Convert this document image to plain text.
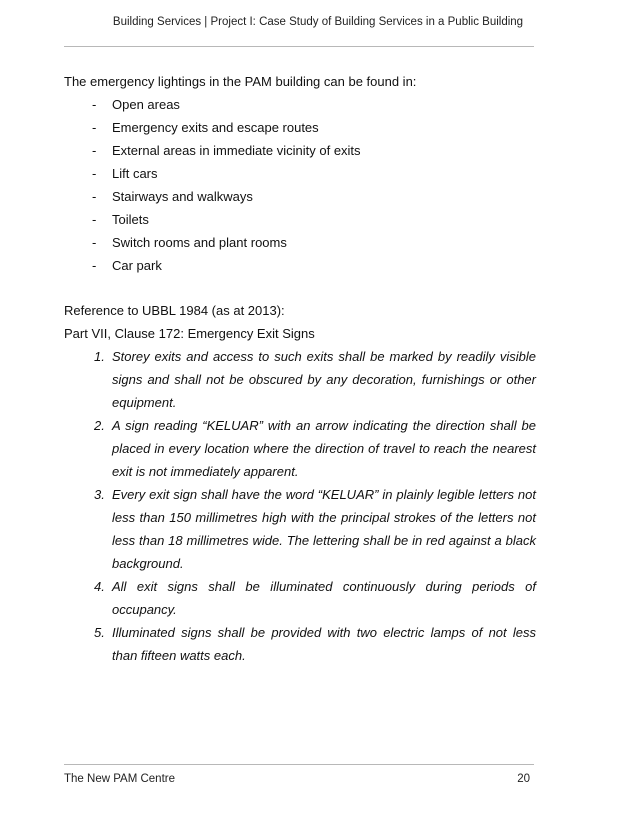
Building Services | Project I: Case Study of Building Services in a Public Building

The emergency lightings in the PAM building can be found in:

- Open areas
- Emergency exits and escape routes
- External areas in immediate vicinity of exits
- Lift cars
- Stairways and walkways
- Toilets
- Switch rooms and plant rooms
- Car park

Reference to UBBL 1984 (as at 2013):

Part VII, Clause 172: Emergency Exit Signs

1. Storey exits and access to such exits shall be marked by readily visible signs and shall not be obscured by any decoration, furnishings or other equipment.
2. A sign reading “KELUAR” with an arrow indicating the direction shall be placed in every location where the direction of travel to reach the nearest exit is not immediately apparent.
3. Every exit sign shall have the word “KELUAR” in plainly legible letters not less than 150 millimetres high with the principal strokes of the letters not less than 18 millimetres wide. The lettering shall be in red against a black background.
4. All exit signs shall be illuminated continuously during periods of occupancy.
5. Illuminated signs shall be provided with two electric lamps of not less than fifteen watts each.
The New PAM Centre	20
